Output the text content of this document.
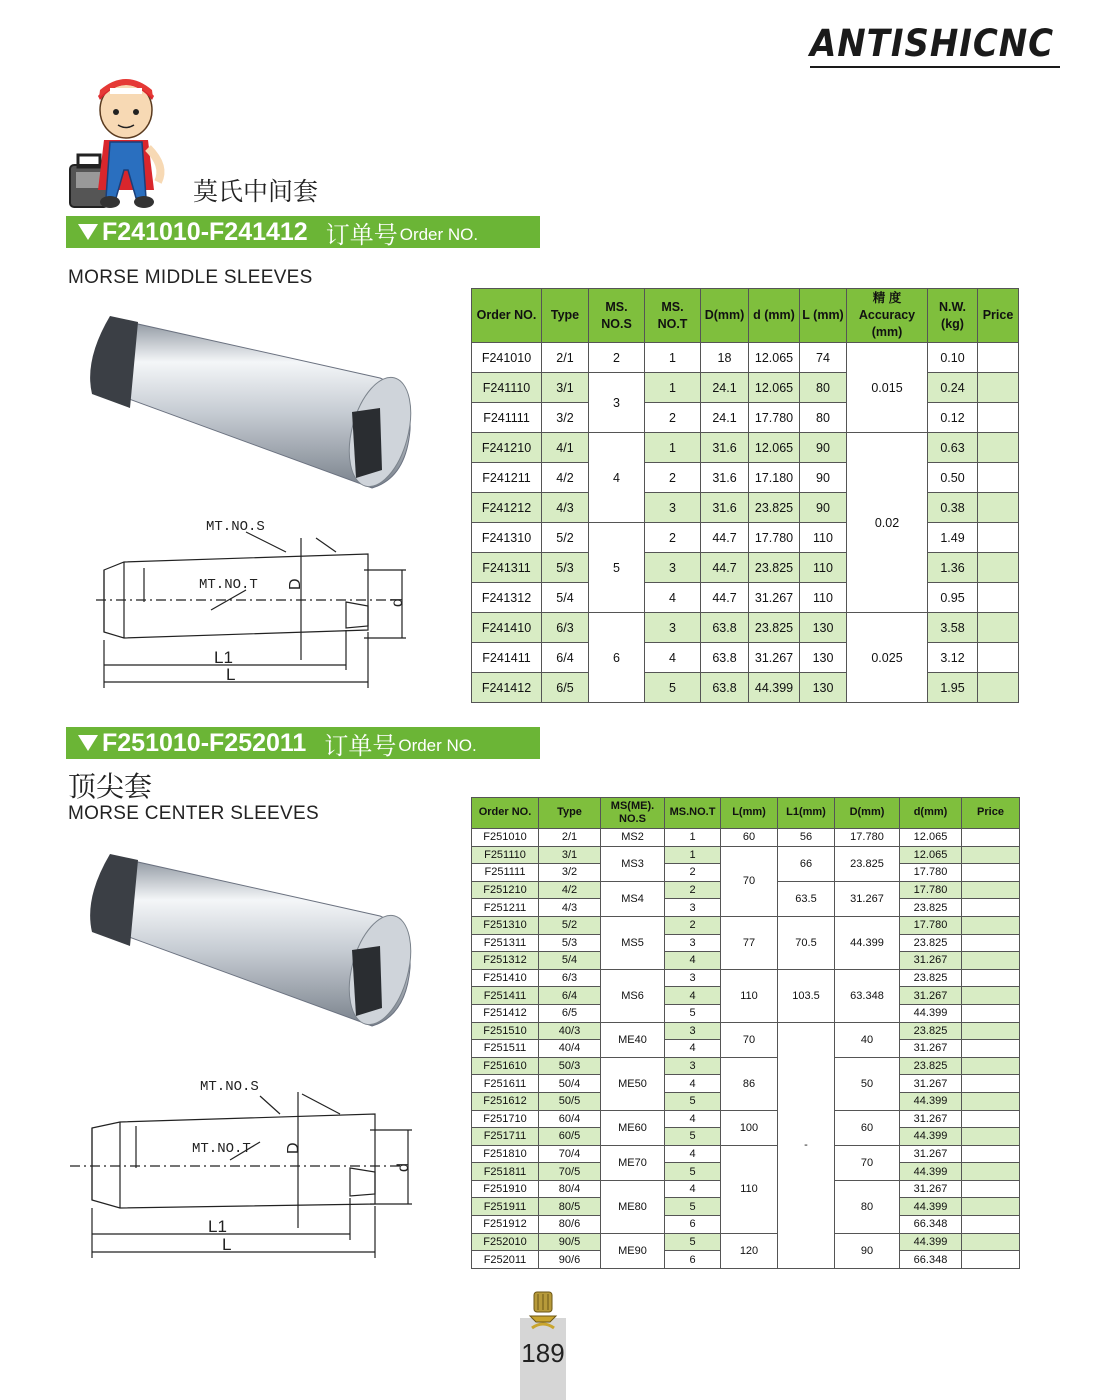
ANTISHICNC
莫氏中间套
F241010-F241412 订单号 Order NO.
MORSE MIDDLE SLEEVES
MT.NO.S
MT.NO.T D
d
L1
L
Order NO.	Type	MS. NO.S	MS. NO.T	D(mm)	d (mm)	L (mm)	精 度 Accuracy (mm)	N.W. (kg)	Price
F241010	2/1	2	1	18	12.065	74	0.015	0.10	
F241110	3/1	3	1	24.1	12.065	80		0.24	
F241111	3/2		2	24.1	17.780	80		0.12	
F241210	4/1	4	1	31.6	12.065	90	0.02	0.63	
F241211	4/2		2	31.6	17.180	90		0.50	
F241212	4/3		3	31.6	23.825	90		0.38	
F241310	5/2	5	2	44.7	17.780	110		1.49	
F241311	5/3		3	44.7	23.825	110		1.36	
F241312	5/4		4	44.7	31.267	110		0.95	
F241410	6/3	6	3	63.8	23.825	130	0.025	3.58	
F241411	6/4		4	63.8	31.267	130		3.12	
F241412	6/5		5	63.8	44.399	130		1.95	
F251010-F252011 订单号 Order NO.
顶尖套
MORSE CENTER SLEEVES
MT.NO.S
MT.NO.T D
d
L1
L
Order NO.	Type	MS(ME). NO.S	MS.NO.T	L(mm)	L1(mm)	D(mm)	d(mm)	Price
F251010	2/1	MS2	1	60	56	17.780	12.065	
F251110	3/1	MS3	1	70	66	23.825	12.065	
F251111	3/2		2				17.780	
F251210	4/2	MS4	2		63.5	31.267	17.780	
F251211	4/3		3				23.825	
F251310	5/2	MS5	2	77	70.5	44.399	17.780	
F251311	5/3		3				23.825	
F251312	5/4		4				31.267	
F251410	6/3	MS6	3	110	103.5	63.348	23.825	
F251411	6/4		4				31.267	
F251412	6/5		5				44.399	
F251510	40/3	ME40	3	70	-	40	23.825	
F251511	40/4		4				31.267	
F251610	50/3	ME50	3	86		50	23.825	
F251611	50/4		4				31.267	
F251612	50/5		5				44.399	
F251710	60/4	ME60	4	100		60	31.267	
F251711	60/5		5				44.399	
F251810	70/4	ME70	4	110		70	31.267	
F251811	70/5		5				44.399	
F251910	80/4	ME80	4			80	31.267	
F251911	80/5		5				44.399	
F251912	80/6		6				66.348	
F252010	90/5	ME90	5	120		90	44.399	
F252011	90/6		6				66.348	
189
